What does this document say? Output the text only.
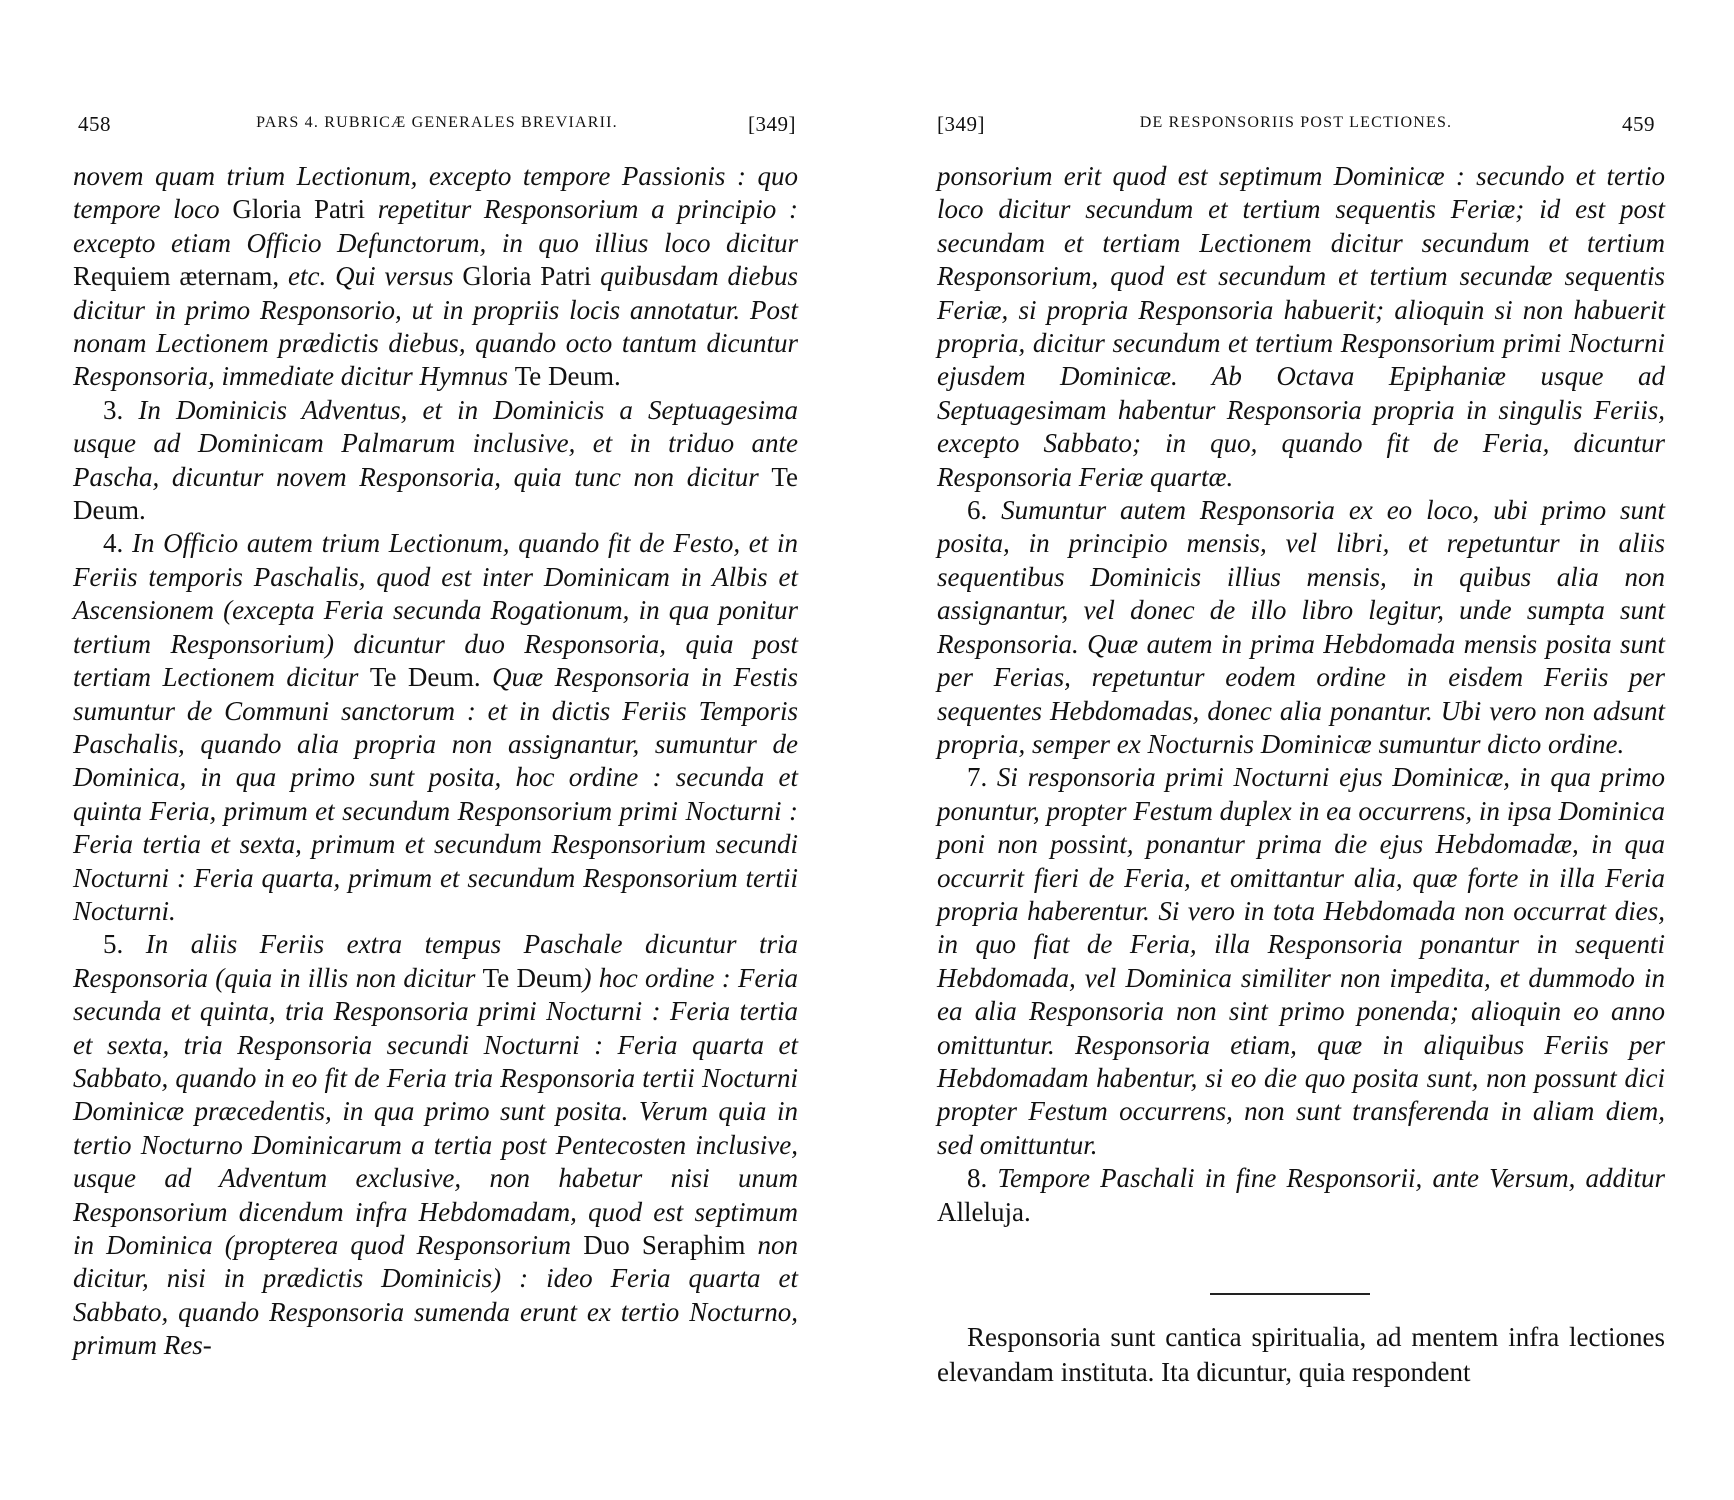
458	PARS 4. RUBRICÆ GENERALES BREVIARII.	[349]

novem quam trium Lectionum, excepto tempore Passionis : quo tempore loco Gloria Patri repetitur Responsorium a principio : excepto etiam Officio Defunctorum, in quo illius loco dicitur Requiem æternam, etc. Qui versus Gloria Patri quibusdam diebus dicitur in primo Responsorio, ut in propriis locis annotatur. Post nonam Lectionem prædictis diebus, quando octo tantum dicuntur Responsoria, immediate dicitur Hymnus Te Deum.

3. In Dominicis Adventus, et in Dominicis a Septuagesima usque ad Dominicam Palmarum inclusive, et in triduo ante Pascha, dicuntur novem Responsoria, quia tunc non dicitur Te Deum.

4. In Officio autem trium Lectionum, quando fit de Festo, et in Feriis temporis Paschalis, quod est inter Dominicam in Albis et Ascensionem (excepta Feria secunda Rogationum, in qua ponitur tertium Responsorium) dicuntur duo Responsoria, quia post tertiam Lectionem dicitur Te Deum. Quæ Responsoria in Festis sumuntur de Communi sanctorum : et in dictis Feriis Temporis Paschalis, quando alia propria non assignantur, sumuntur de Dominica, in qua primo sunt posita, hoc ordine : secunda et quinta Feria, primum et secundum Responsorium primi Nocturni : Feria tertia et sexta, primum et secundum Responsorium secundi Nocturni : Feria quarta, primum et secundum Responsorium tertii Nocturni.

5. In aliis Feriis extra tempus Paschale dicuntur tria Responsoria (quia in illis non dicitur Te Deum) hoc ordine : Feria secunda et quinta, tria Responsoria primi Nocturni : Feria tertia et sexta, tria Responsoria secundi Nocturni : Feria quarta et Sabbato, quando in eo fit de Feria tria Responsoria tertii Nocturni Dominicæ præcedentis, in qua primo sunt posita. Verum quia in tertio Nocturno Dominicarum a tertia post Pentecosten inclusive, usque ad Adventum exclusive, non habetur nisi unum Responsorium dicendum infra Hebdomadam, quod est septimum in Dominica (propterea quod Responsorium Duo Seraphim non dicitur, nisi in prædictis Dominicis) : ideo Feria quarta et Sabbato, quando Responsoria sumenda erunt ex tertio Nocturno, primum Res-

[349]	DE RESPONSORIIS POST LECTIONES.	459

ponsorium erit quod est septimum Dominicæ : secundo et tertio loco dicitur secundum et tertium sequentis Feriæ; id est post secundam et tertiam Lectionem dicitur secundum et tertium Responsorium, quod est secundum et tertium secundæ sequentis Feriæ, si propria Responsoria habuerit; alioquin si non habuerit propria, dicitur secundum et tertium Responsorium primi Nocturni ejusdem Dominicæ. Ab Octava Epiphaniæ usque ad Septuagesimam habentur Responsoria propria in singulis Feriis, excepto Sabbato; in quo, quando fit de Feria, dicuntur Responsoria Feriæ quartæ.

6. Sumuntur autem Responsoria ex eo loco, ubi primo sunt posita, in principio mensis, vel libri, et repetuntur in aliis sequentibus Dominicis illius mensis, in quibus alia non assignantur, vel donec de illo libro legitur, unde sumpta sunt Responsoria. Quæ autem in prima Hebdomada mensis posita sunt per Ferias, repetuntur eodem ordine in eisdem Feriis per sequentes Hebdomadas, donec alia ponantur. Ubi vero non adsunt propria, semper ex Nocturnis Dominicæ sumuntur dicto ordine.

7. Si responsoria primi Nocturni ejus Dominicæ, in qua primo ponuntur, propter Festum duplex in ea occurrens, in ipsa Dominica poni non possint, ponantur prima die ejus Hebdomadæ, in qua occurrit fieri de Feria, et omittantur alia, quæ forte in illa Feria propria haberentur. Si vero in tota Hebdomada non occurrat dies, in quo fiat de Feria, illa Responsoria ponantur in sequenti Hebdomada, vel Dominica similiter non impedita, et dummodo in ea alia Responsoria non sint primo ponenda; alioquin eo anno omittuntur. Responsoria etiam, quæ in aliquibus Feriis per Hebdomadam habentur, si eo die quo posita sunt, non possunt dici propter Festum occurrens, non sunt transferenda in aliam diem, sed omittuntur.

8. Tempore Paschali in fine Responsorii, ante Versum, additur Alleluja.

Responsoria sunt cantica spiritualia, ad mentem infra lectiones elevandam instituta. Ita dicuntur, quia respondent
